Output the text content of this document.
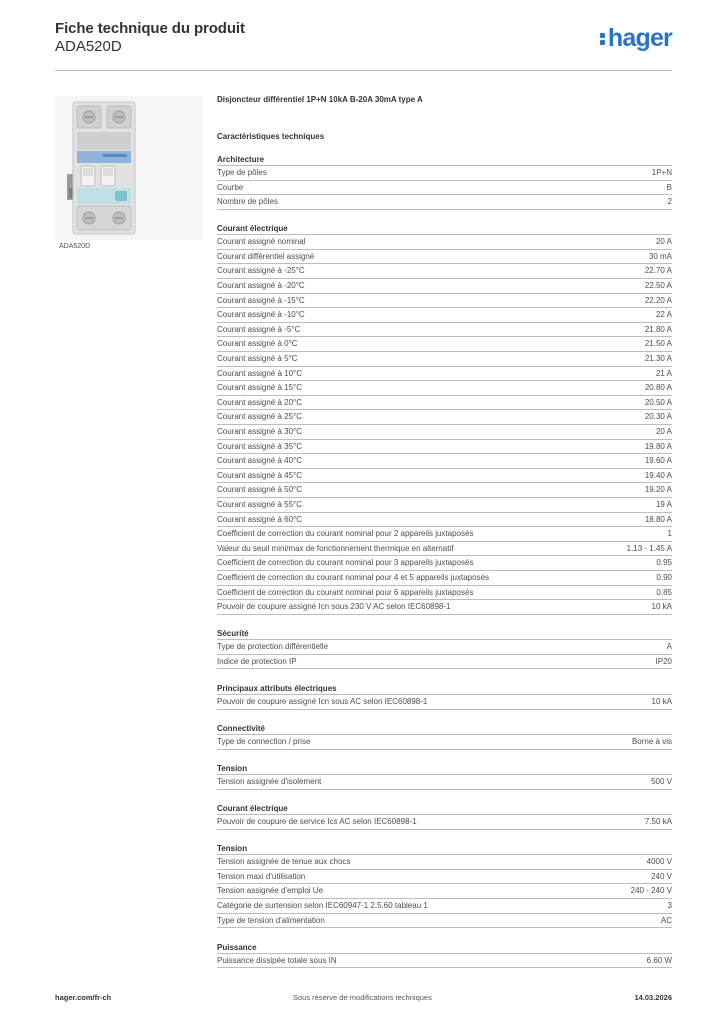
Fiche technique du produit
ADA520D	hager
ADA520D
Disjoncteur différentiel 1P+N 10kA B-20A 30mA type A
Caractéristiques techniques
Architecture
Type de pôles	1P+N
Courbe	B
Nombre de pôles	2
Courant électrique
Courant assigné nominal	20 A
Courant différentiel assigné	30 mA
Courant assigné à -25°C	22.70 A
Courant assigné à -20°C	22.50 A
Courant assigné à -15°C	22.20 A
Courant assigné à -10°C	22 A
Courant assigné à -5°C	21.80 A
Courant assigné à 0°C	21.50 A
Courant assigné à 5°C	21.30 A
Courant assigné à 10°C	21 A
Courant assigné à 15°C	20.80 A
Courant assigné à 20°C	20.50 A
Courant assigné à 25°C	20.30 A
Courant assigné à 30°C	20 A
Courant assigné à 35°C	19.80 A
Courant assigné à 40°C	19.60 A
Courant assigné à 45°C	19.40 A
Courant assigné à 50°C	19.20 A
Courant assigné à 55°C	19 A
Courant assigné à 60°C	18.80 A
Coefficient de correction du courant nominal pour 2 appareils juxtaposés	1
Valeur du seuil mini/max de fonctionnement thermique en alternatif	1.13 - 1.45 A
Coefficient de correction du courant nominal pour 3 appareils juxtaposés	0.95
Coefficient de correction du courant nominal pour 4 et 5 appareils juxtaposés	0.90
Coefficient de correction du courant nominal pour 6 appareils juxtaposés	0.85
Pouvoir de coupure assigné Icn sous 230 V AC selon IEC60898-1	10 kA
Sécurité
Type de protection différentielle	A
Indice de protection IP	IP20
Principaux attributs électriques
Pouvoir de coupure assigné Icn sous AC selon IEC60898-1	10 kA
Connectivité
Type de connection / prise	Borne à vis
Tension
Tension assignée d'isolement	500 V
Courant électrique
Pouvoir de coupure de service Ics AC selon IEC60898-1	7.50 kA
Tension
Tension assignée de tenue aux chocs	4000 V
Tension maxi d'utilisation	240 V
Tension assignée d'emploi Ue	240 - 240 V
Catégorie de surtension selon IEC60947-1 2.5.60 tableau 1	3
Type de tension d'alimentation	AC
Puissance
Puissance dissipée totale sous IN	6.60 W
hager.com/fr-ch	Sous réserve de modifications techniques	14.03.2026
